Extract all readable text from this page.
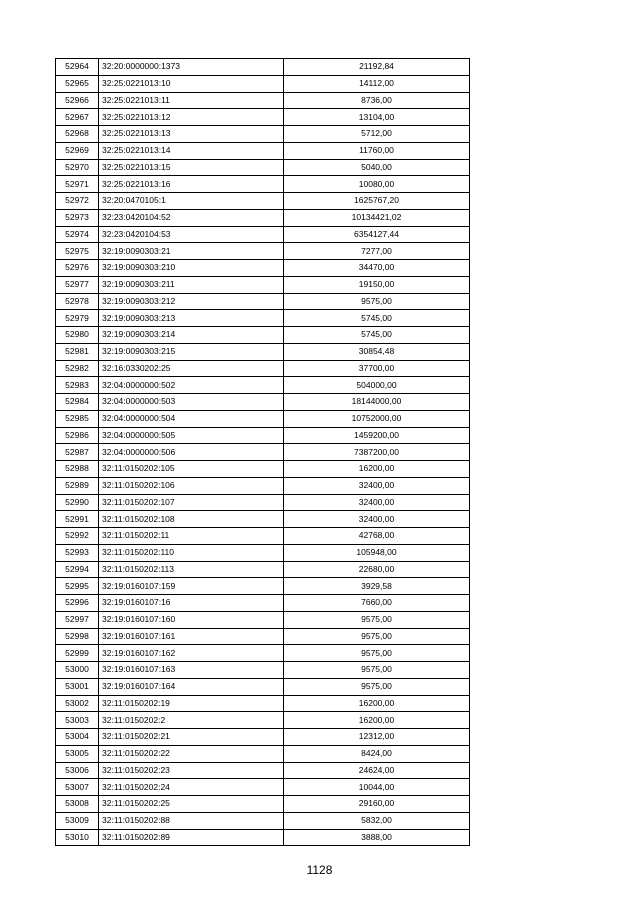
52964	32:20:0000000:1373	21192,84
52965	32:25:0221013:10	14112,00
52966	32:25:0221013:11	8736,00
52967	32:25:0221013:12	13104,00
52968	32:25:0221013:13	5712,00
52969	32:25:0221013:14	11760,00
52970	32:25:0221013:15	5040,00
52971	32:25:0221013:16	10080,00
52972	32:20:0470105:1	1625767,20
52973	32:23:0420104:52	10134421,02
52974	32:23:0420104:53	6354127,44
52975	32:19:0090303:21	7277,00
52976	32:19:0090303:210	34470,00
52977	32:19:0090303:211	19150,00
52978	32:19:0090303:212	9575,00
52979	32:19:0090303:213	5745,00
52980	32:19:0090303:214	5745,00
52981	32:19:0090303:215	30854,48
52982	32:16:0330202:25	37700,00
52983	32:04:0000000:502	504000,00
52984	32:04:0000000:503	18144000,00
52985	32:04:0000000:504	10752000,00
52986	32:04:0000000:505	1459200,00
52987	32:04:0000000:506	7387200,00
52988	32:11:0150202:105	16200,00
52989	32:11:0150202:106	32400,00
52990	32:11:0150202:107	32400,00
52991	32:11:0150202:108	32400,00
52992	32:11:0150202:11	42768,00
52993	32:11:0150202:110	105948,00
52994	32:11:0150202:113	22680,00
52995	32:19:0160107:159	3929,58
52996	32:19:0160107:16	7660,00
52997	32:19:0160107:160	9575,00
52998	32:19:0160107:161	9575,00
52999	32:19:0160107:162	9575,00
53000	32:19:0160107:163	9575,00
53001	32:19:0160107:164	9575,00
53002	32:11:0150202:19	16200,00
53003	32:11:0150202:2	16200,00
53004	32:11:0150202:21	12312,00
53005	32:11:0150202:22	8424,00
53006	32:11:0150202:23	24624,00
53007	32:11:0150202:24	10044,00
53008	32:11:0150202:25	29160,00
53009	32:11:0150202:88	5832,00
53010	32:11:0150202:89	3888,00
1128
